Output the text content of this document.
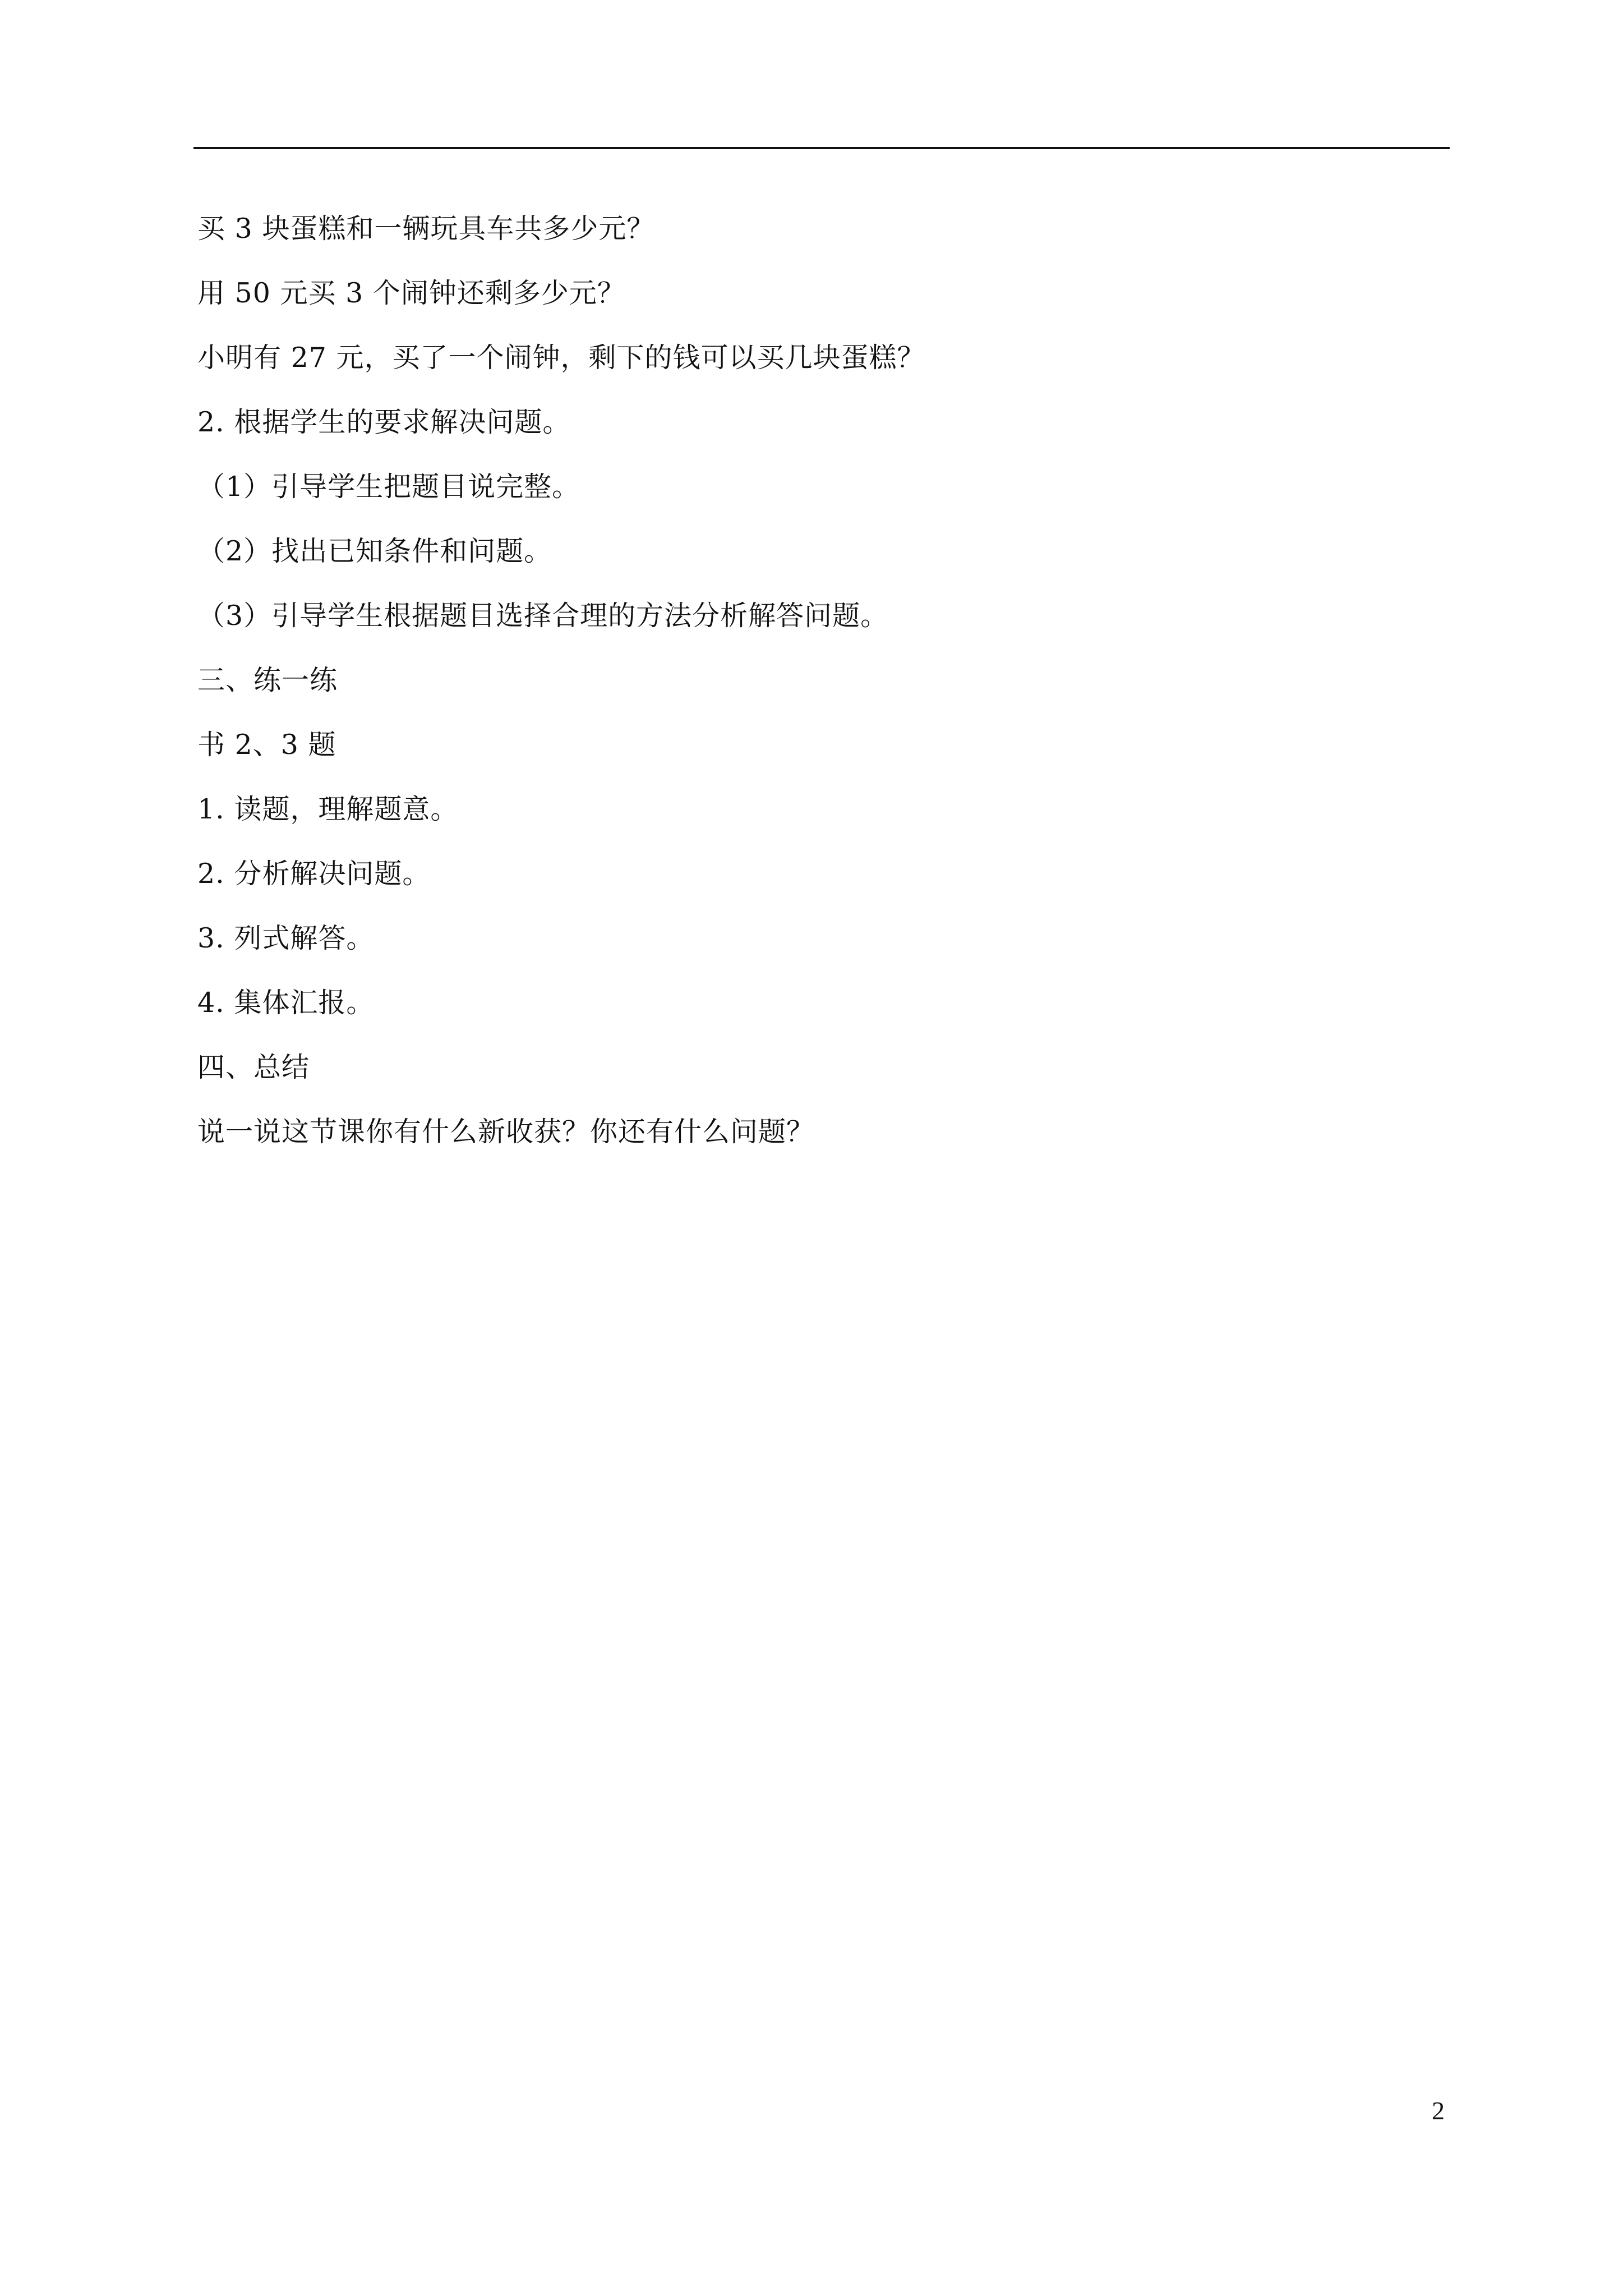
买 3 块蛋糕和一辆玩具车共多少元？
用 50 元买 3 个闹钟还剩多少元？
小明有 27 元，买了一个闹钟，剩下的钱可以买几块蛋糕？
2. 根据学生的要求解决问题。
（1）引导学生把题目说完整。
（2）找出已知条件和问题。
（3）引导学生根据题目选择合理的方法分析解答问题。
三、练一练
书 2、3 题
1. 读题，理解题意。
2. 分析解决问题。
3. 列式解答。
4. 集体汇报。
四、总结
说一说这节课你有什么新收获？你还有什么问题？
2
